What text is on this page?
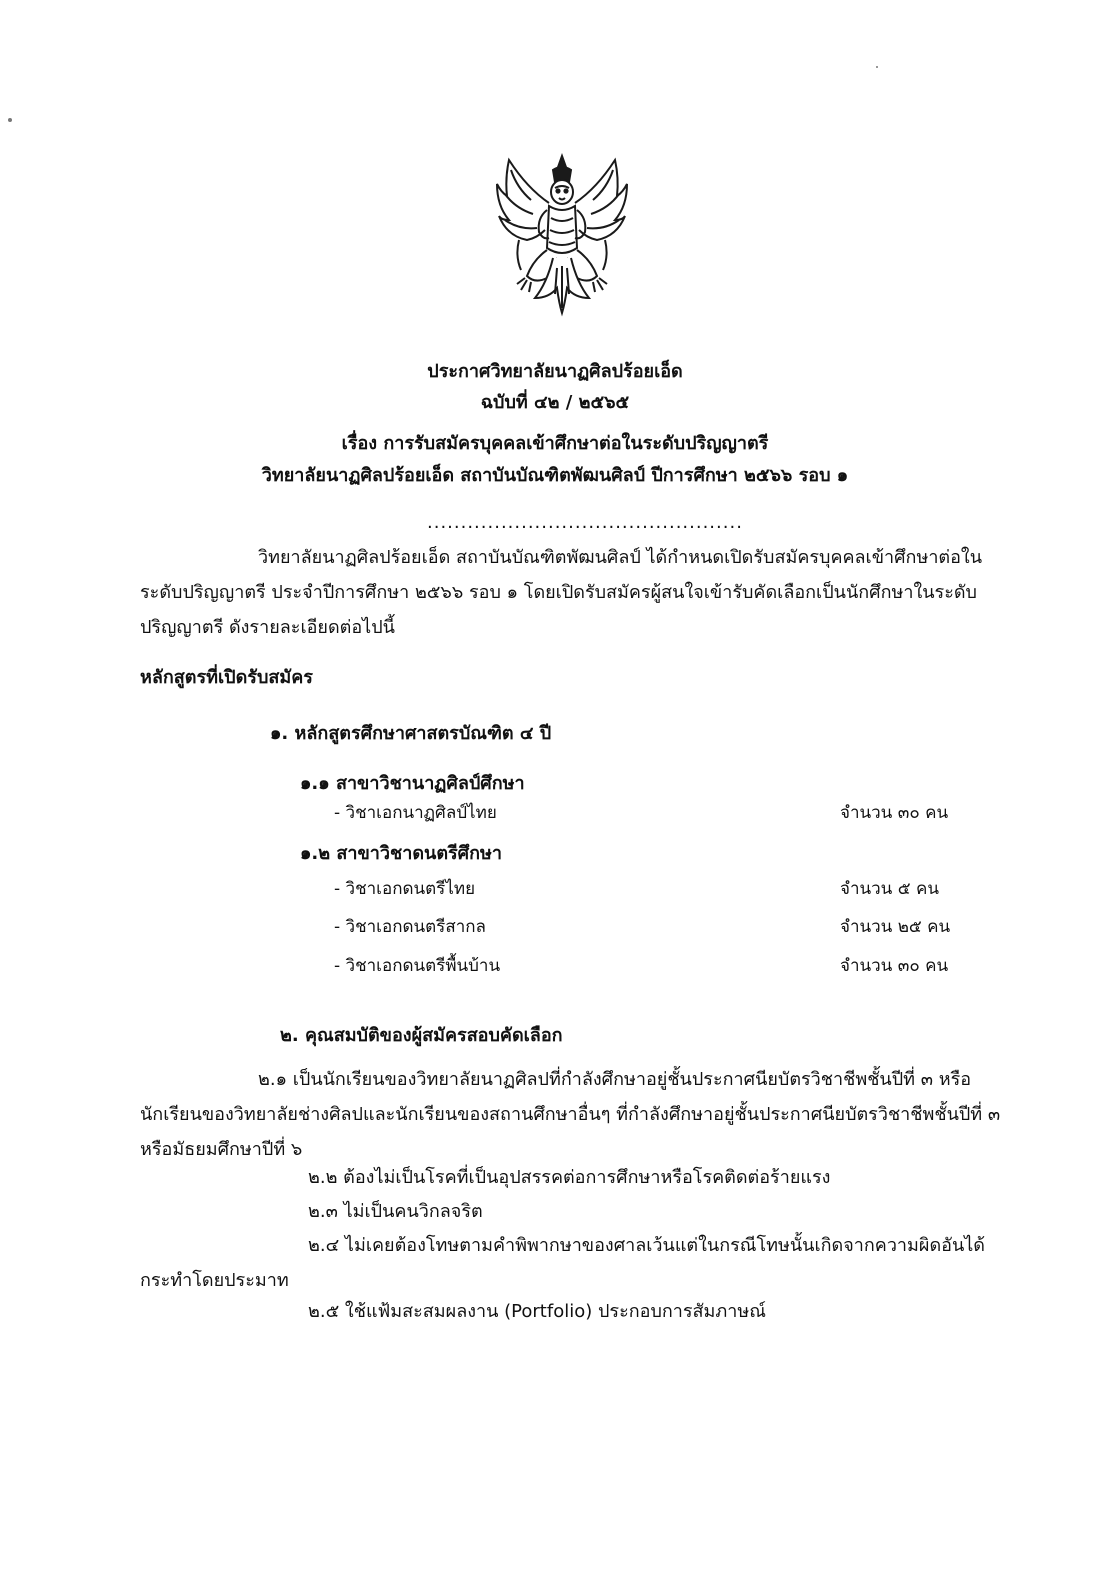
ประกาศวิทยาลัยนาฏศิลปร้อยเอ็ด
ฉบับที่ ๔๒ / ๒๕๖๕
เรื่อง การรับสมัครบุคคลเข้าศึกษาต่อในระดับปริญญาตรี
วิทยาลัยนาฏศิลปร้อยเอ็ด สถาบันบัณฑิตพัฒนศิลป์ ปีการศึกษา ๒๕๖๖ รอบ ๑
...............................................
วิทยาลัยนาฏศิลปร้อยเอ็ด สถาบันบัณฑิตพัฒนศิลป์ ได้กำหนดเปิดรับสมัครบุคคลเข้าศึกษาต่อในระดับปริญญาตรี ประจำปีการศึกษา ๒๕๖๖ รอบ ๑ โดยเปิดรับสมัครผู้สนใจเข้ารับคัดเลือกเป็นนักศึกษาในระดับปริญญาตรี ดังรายละเอียดต่อไปนี้
หลักสูตรที่เปิดรับสมัคร
๑. หลักสูตรศึกษาศาสตรบัณฑิต ๔ ปี
๑.๑ สาขาวิชานาฏศิลป์ศึกษา
- วิชาเอกนาฏศิลป์ไทย	จำนวน ๓๐ คน
๑.๒ สาขาวิชาดนตรีศึกษา
- วิชาเอกดนตรีไทย	จำนวน ๕ คน
- วิชาเอกดนตรีสากล	จำนวน ๒๕ คน
- วิชาเอกดนตรีพื้นบ้าน	จำนวน ๓๐ คน
๒. คุณสมบัติของผู้สมัครสอบคัดเลือก
๒.๑ เป็นนักเรียนของวิทยาลัยนาฏศิลปที่กำลังศึกษาอยู่ชั้นประกาศนียบัตรวิชาชีพชั้นปีที่ ๓ หรือนักเรียนของวิทยาลัยช่างศิลปและนักเรียนของสถานศึกษาอื่นๆ ที่กำลังศึกษาอยู่ชั้นประกาศนียบัตรวิชาชีพชั้นปีที่ ๓ หรือมัธยมศึกษาปีที่ ๖
๒.๒ ต้องไม่เป็นโรคที่เป็นอุปสรรคต่อการศึกษาหรือโรคติดต่อร้ายแรง
๒.๓ ไม่เป็นคนวิกลจริต
๒.๔ ไม่เคยต้องโทษตามคำพิพากษาของศาลเว้นแต่ในกรณีโทษนั้นเกิดจากความผิดอันได้กระทำโดยประมาท
๒.๕ ใช้แฟ้มสะสมผลงาน (Portfolio) ประกอบการสัมภาษณ์
